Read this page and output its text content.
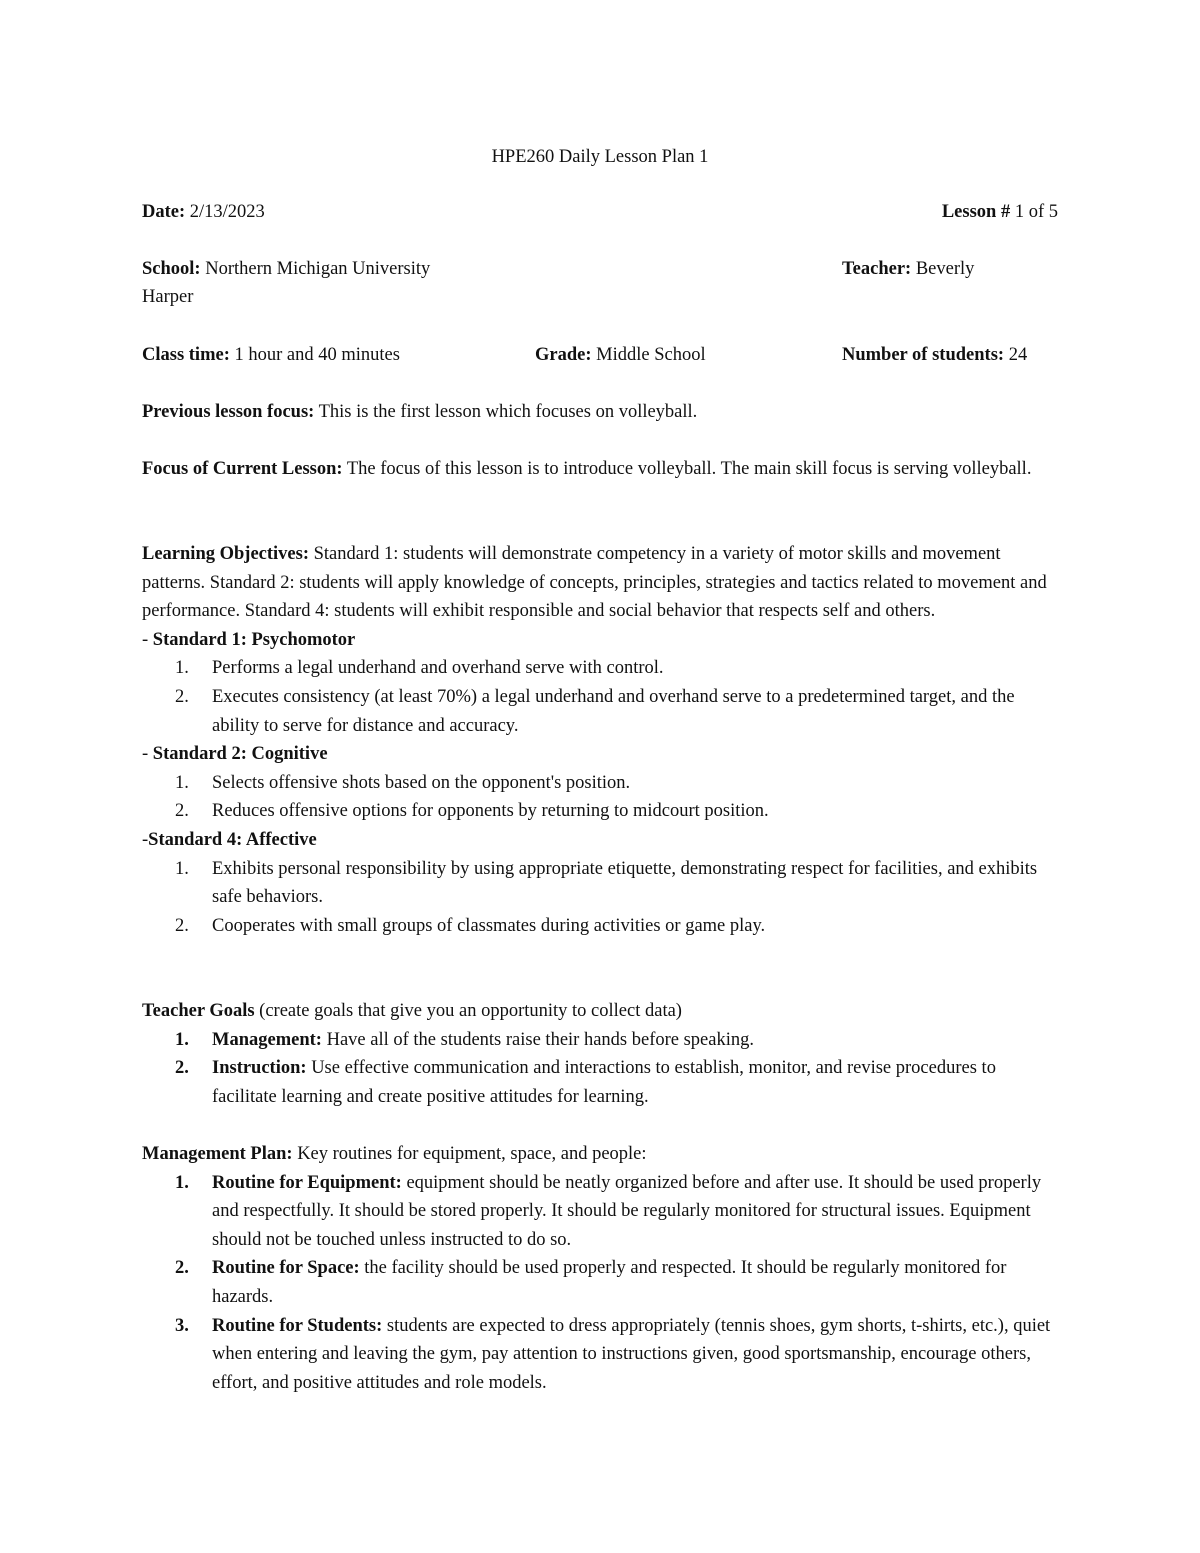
HPE260 Daily Lesson Plan 1
Date: 2/13/2023	Lesson # 1 of 5
School: Northern Michigan University	Teacher: Beverly
Harper
Class time: 1 hour and 40 minutes	Grade: Middle School	Number of students: 24
Previous lesson focus: This is the first lesson which focuses on volleyball.
Focus of Current Lesson: The focus of this lesson is to introduce volleyball. The main skill focus is serving volleyball.
Learning Objectives: Standard 1: students will demonstrate competency in a variety of motor skills and movement patterns. Standard 2: students will apply knowledge of concepts, principles, strategies and tactics related to movement and performance. Standard 4: students will exhibit responsible and social behavior that respects self and others.
- Standard 1: Psychomotor
1. Performs a legal underhand and overhand serve with control.
2. Executes consistency (at least 70%) a legal underhand and overhand serve to a predetermined target, and the ability to serve for distance and accuracy.
- Standard 2: Cognitive
1. Selects offensive shots based on the opponent's position.
2. Reduces offensive options for opponents by returning to midcourt position.
-Standard 4: Affective
1. Exhibits personal responsibility by using appropriate etiquette, demonstrating respect for facilities, and exhibits safe behaviors.
2. Cooperates with small groups of classmates during activities or game play.
Teacher Goals (create goals that give you an opportunity to collect data)
1. Management: Have all of the students raise their hands before speaking.
2. Instruction: Use effective communication and interactions to establish, monitor, and revise procedures to facilitate learning and create positive attitudes for learning.
Management Plan: Key routines for equipment, space, and people:
1. Routine for Equipment: equipment should be neatly organized before and after use. It should be used properly and respectfully. It should be stored properly. It should be regularly monitored for structural issues. Equipment should not be touched unless instructed to do so.
2. Routine for Space: the facility should be used properly and respected. It should be regularly monitored for hazards.
3. Routine for Students: students are expected to dress appropriately (tennis shoes, gym shorts, t-shirts, etc.), quiet when entering and leaving the gym, pay attention to instructions given, good sportsmanship, encourage others, effort, and positive attitudes and role models.
